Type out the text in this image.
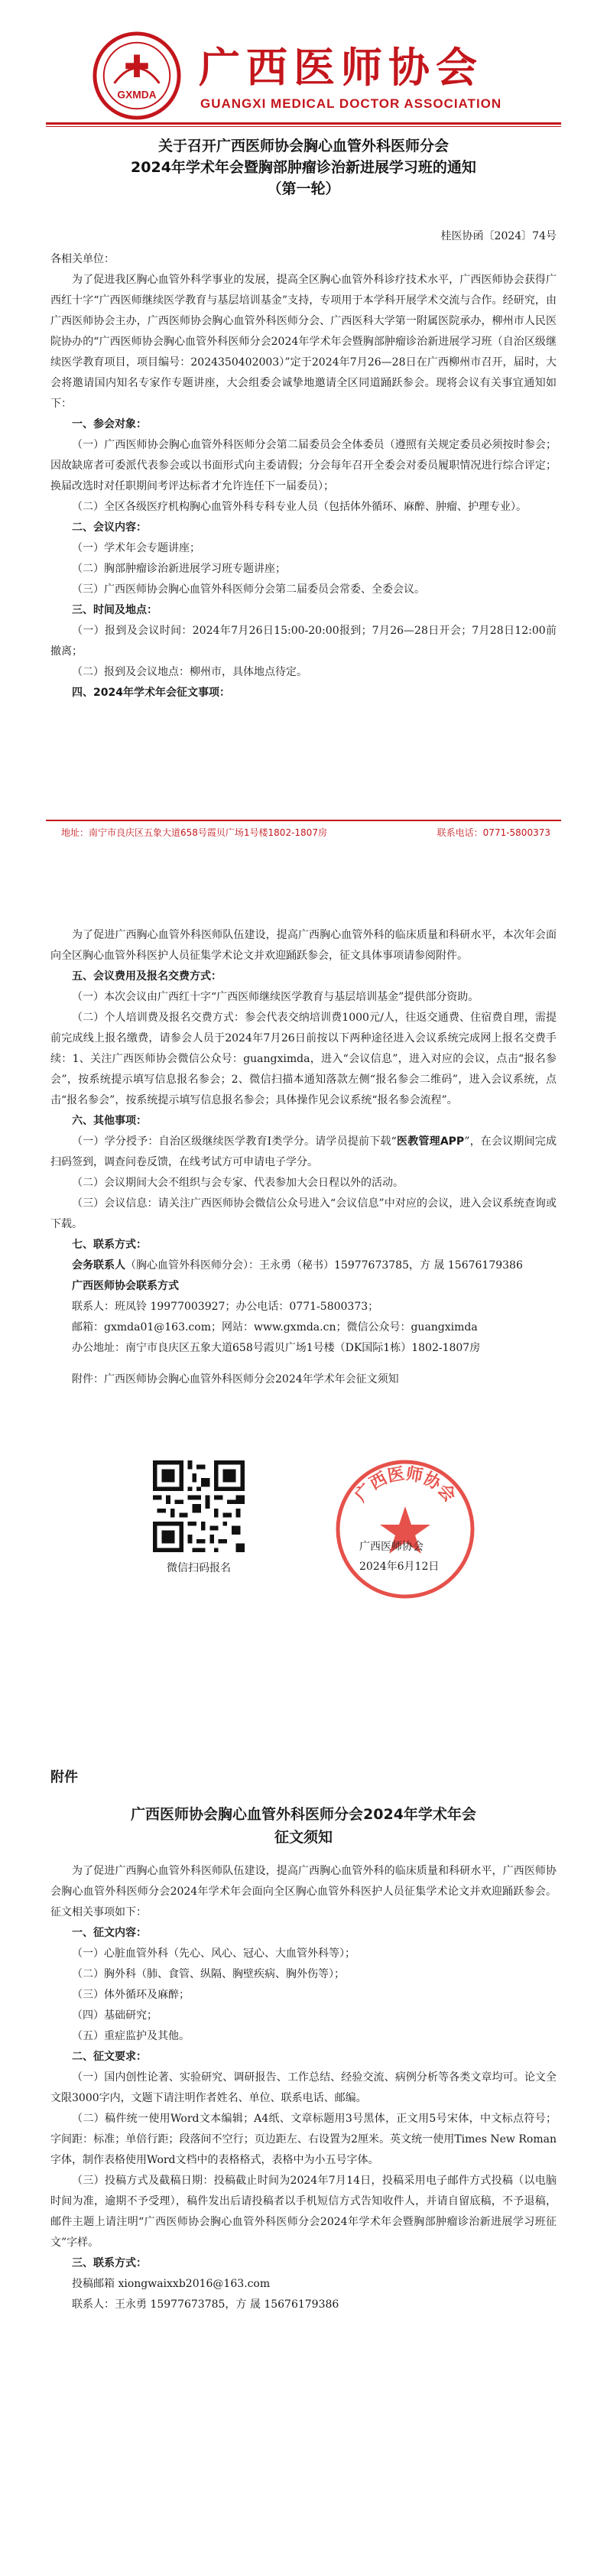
GXMDA
广西医师协会
GUANGXI MEDICAL DOCTOR ASSOCIATION
关于召开广西医师协会胸心血管外科医师分会
2024年学术年会暨胸部肿瘤诊治新进展学习班的通知
（第一轮）
桂医协函〔2024〕74号

各相关单位：

为了促进我区胸心血管外科学事业的发展，提高全区胸心血管外科诊疗技术水平，广西医师协会获得广西红十字“广西医师继续医学教育与基层培训基金”支持，专项用于本学科开展学术交流与合作。经研究，由广西医师协会主办，广西医师协会胸心血管外科医师分会、广西医科大学第一附属医院承办，柳州市人民医院协办的“广西医师协会胸心血管外科医师分会2024年学术年会暨胸部肿瘤诊治新进展学习班（自治区级继续医学教育项目，项目编号：2024350402003）”定于2024年7月26—28日在广西柳州市召开，届时，大会将邀请国内知名专家作专题讲座，大会组委会诚挚地邀请全区同道踊跃参会。现将会议有关事宜通知如下：

一、参会对象：

（一）广西医师协会胸心血管外科医师分会第二届委员会全体委员（遵照有关规定委员必须按时参会；因故缺席者可委派代表参会或以书面形式向主委请假；分会每年召开全委会对委员履职情况进行综合评定；换届改选时对任职期间考评达标者才允许连任下一届委员）；

（二）全区各级医疗机构胸心血管外科专科专业人员（包括体外循环、麻醉、肿瘤、护理专业）。

二、会议内容：

（一）学术年会专题讲座；

（二）胸部肿瘤诊治新进展学习班专题讲座；

（三）广西医师协会胸心血管外科医师分会第二届委员会常委、全委会议。

三、时间及地点：

（一）报到及会议时间：2024年7月26日15:00-20:00报到；7月26—28日开会；7月28日12:00前撤离；

（二）报到及会议地点：柳州市，具体地点待定。

四、2024年学术年会征文事项：

地址：南宁市良庆区五象大道658号霞贝广场1号楼1802-1807房	联系电话：0771-5800373

为了促进广西胸心血管外科医师队伍建设，提高广西胸心血管外科的临床质量和科研水平，本次年会面向全区胸心血管外科医护人员征集学术论文并欢迎踊跃参会，征文具体事项请参阅附件。

五、会议费用及报名交费方式：

（一）本次会议由广西红十字“广西医师继续医学教育与基层培训基金”提供部分资助。

（二）个人培训费及报名交费方式：参会代表交纳培训费1000元/人，往返交通费、住宿费自理，需提前完成线上报名缴费，请参会人员于2024年7月26日前按以下两种途径进入会议系统完成网上报名交费手续：1、关注广西医师协会微信公众号：guangximda，进入“会议信息”，进入对应的会议，点击“报名参会”，按系统提示填写信息报名参会；2、微信扫描本通知落款左侧“报名参会二维码”，进入会议系统，点击“报名参会”，按系统提示填写信息报名参会；具体操作见会议系统“报名参会流程”。

六、其他事项：

（一）学分授予：自治区级继续医学教育I类学分。请学员提前下载“医教管理APP”，在会议期间完成扫码签到，调查问卷反馈，在线考试方可申请电子学分。

（二）会议期间大会不组织与会专家、代表参加大会日程以外的活动。

（三）会议信息：请关注广西医师协会微信公众号进入“会议信息”中对应的会议，进入会议系统查询或下载。

七、联系方式：

会务联系人（胸心血管外科医师分会）：王永勇（秘书）15977673785，方 晟 15676179386

广西医师协会联系方式

联系人：班凤铃 19977003927；办公电话：0771-5800373；

邮箱：gxmda01@163.com；网站：www.gxmda.cn；微信公众号：guangximda

办公地址：南宁市良庆区五象大道658号霞贝广场1号楼（DK国际1栋）1802-1807房

附件：广西医师协会胸心血管外科医师分会2024年学术年会征文须知

微信扫码报名
广西医师协会
广西医师协会
2024年6月12日
附件
广西医师协会胸心血管外科医师分会2024年学术年会
征文须知

为了促进广西胸心血管外科医师队伍建设，提高广西胸心血管外科的临床质量和科研水平，广西医师协会胸心血管外科医师分会2024年学术年会面向全区胸心血管外科医护人员征集学术论文并欢迎踊跃参会。征文相关事项如下：

一、征文内容：

（一）心脏血管外科（先心、风心、冠心、大血管外科等）；

（二）胸外科（肺、食管、纵隔、胸壁疾病、胸外伤等）；

（三）体外循环及麻醉；

（四）基础研究；

（五）重症监护及其他。

二、征文要求：

（一）国内创性论著、实验研究、调研报告、工作总结、经验交流、病例分析等各类文章均可。论文全文限3000字内，文题下请注明作者姓名、单位、联系电话、邮编。

（二）稿件统一使用Word文本编辑；A4纸、文章标题用3号黑体，正文用5号宋体，中文标点符号；字间距：标准；单倍行距；段落间不空行；页边距左、右设置为2厘米。英文统一使用Times New Roman字体，制作表格使用Word文档中的表格格式，表格中为小五号字体。

（三）投稿方式及截稿日期：投稿截止时间为2024年7月14日，投稿采用电子邮件方式投稿（以电脑时间为准，逾期不予受理），稿件发出后请投稿者以手机短信方式告知收件人，并请自留底稿，不予退稿，邮件主题上请注明“广西医师协会胸心血管外科医师分会2024年学术年会暨胸部肿瘤诊治新进展学习班征文”字样。

三、联系方式：

投稿邮箱 xiongwaixxb2016@163.com

联系人：王永勇 15977673785，方 晟 15676179386
